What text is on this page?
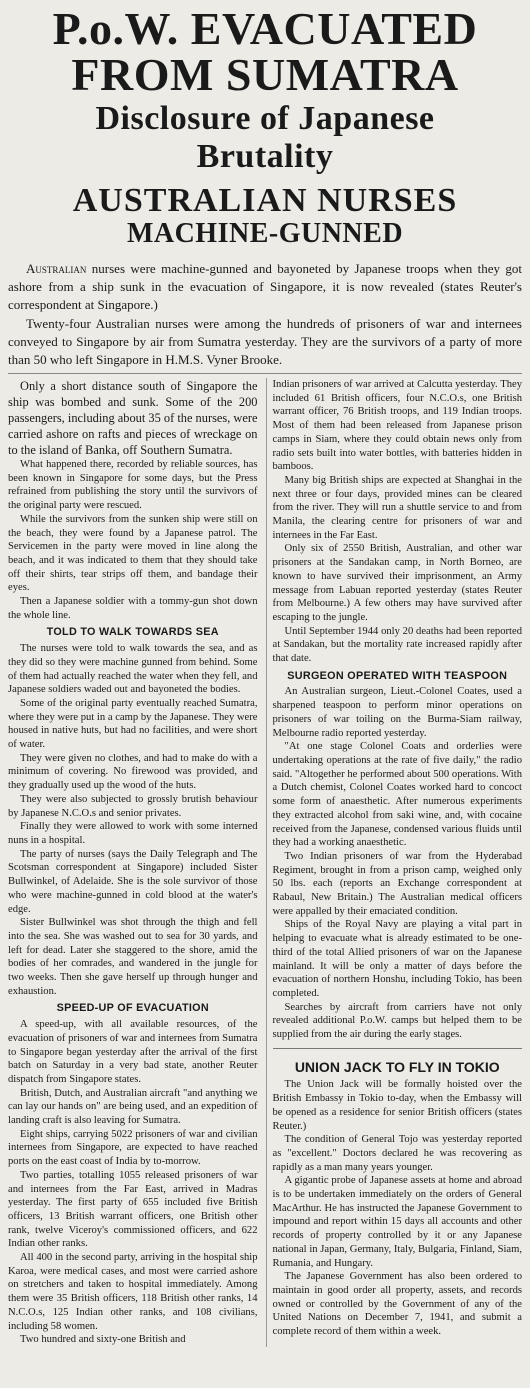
P.o.W. EVACUATED
FROM SUMATRA
Disclosure of Japanese
Brutality
AUSTRALIAN NURSES
MACHINE-GUNNED

Australian nurses were machine-gunned and bayoneted by Japanese troops when they got ashore from a ship sunk in the evacuation of Singapore, it is now revealed (states Reuter's correspondent at Singapore.)

Twenty-four Australian nurses were among the hundreds of prisoners of war and internees conveyed to Singapore by air from Sumatra yesterday. They are the survivors of a party of more than 50 who left Singapore in H.M.S. Vyner Brooke.

Only a short distance south of Singapore the ship was bombed and sunk. Some of the 200 passengers, including about 35 of the nurses, were carried ashore on rafts and pieces of wreckage on to the island of Banka, off Southern Sumatra.

What happened there, recorded by reliable sources, has been known in Singapore for some days, but the Press refrained from publishing the story until the survivors of the original party were rescued.

While the survivors from the sunken ship were still on the beach, they were found by a Japanese patrol. The Servicemen in the party were moved in line along the beach, and it was indicated to them that they should take off their shirts, tear strips off them, and bandage their eyes.

Then a Japanese soldier with a tommy-gun shot down the whole line.

TOLD TO WALK TOWARDS SEA

The nurses were told to walk towards the sea, and as they did so they were machine gunned from behind. Some of them had actually reached the water when they fell, and Japanese soldiers waded out and bayoneted the bodies.

Some of the original party eventually reached Sumatra, where they were put in a camp by the Japanese. They were housed in native huts, but had no facilities, and were short of water.

They were given no clothes, and had to make do with a minimum of covering. No firewood was provided, and they gradually used up the wood of the huts.

They were also subjected to grossly brutish behaviour by Japanese N.C.O.s and senior privates.

Finally they were allowed to work with some interned nuns in a hospital.

The party of nurses (says the Daily Telegraph and The Scotsman correspondent at Singapore) included Sister Bullwinkel, of Adelaide. She is the sole survivor of those who were machine-gunned in cold blood at the water's edge.

Sister Bullwinkel was shot through the thigh and fell into the sea. She was washed out to sea for 30 yards, and left for dead. Later she staggered to the shore, amid the bodies of her comrades, and wandered in the jungle for two weeks. Then she gave herself up through hunger and exhaustion.

SPEED-UP OF EVACUATION

A speed-up, with all available resources, of the evacuation of prisoners of war and internees from Sumatra to Singapore began yesterday after the arrival of the first batch on Saturday in a very bad state, another Reuter dispatch from Singapore states.

British, Dutch, and Australian aircraft "and anything we can lay our hands on" are being used, and an expedition of landing craft is also leaving for Sumatra.

Eight ships, carrying 5022 prisoners of war and civilian internees from Singapore, are expected to have reached ports on the east coast of India by to-morrow.

Two parties, totalling 1055 released prisoners of war and internees from the Far East, arrived in Madras yesterday. The first party of 655 included five British officers, 13 British warrant officers, one British other rank, twelve Viceroy's commissioned officers, and 622 Indian other ranks.

All 400 in the second party, arriving in the hospital ship Karoa, were medical cases, and most were carried ashore on stretchers and taken to hospital immediately. Among them were 35 British officers, 118 British other ranks, 14 N.C.O.s, 125 Indian other ranks, and 108 civilians, including 58 women.

Two hundred and sixty-one British and

Indian prisoners of war arrived at Calcutta yesterday. They included 61 British officers, four N.C.O.s, one British warrant officer, 76 British troops, and 119 Indian troops. Most of them had been released from Japanese prison camps in Siam, where they could obtain news only from radio sets built into water bottles, with batteries hidden in bamboos.

Many big British ships are expected at Shanghai in the next three or four days, provided mines can be cleared from the river. They will run a shuttle service to and from Manila, the clearing centre for prisoners of war and internees in the Far East.

Only six of 2550 British, Australian, and other war prisoners at the Sandakan camp, in North Borneo, are known to have survived their imprisonment, an Army message from Labuan reported yesterday (states Reuter from Melbourne.) A few others may have survived after escaping to the jungle.

Until September 1944 only 20 deaths had been reported at Sandakan, but the mortality rate increased rapidly after that date.

SURGEON OPERATED WITH TEASPOON

An Australian surgeon, Lieut.-Colonel Coates, used a sharpened teaspoon to perform minor operations on prisoners of war toiling on the Burma-Siam railway, Melbourne radio reported yesterday.

"At one stage Colonel Coats and orderlies were undertaking operations at the rate of five daily," the radio said. "Altogether he performed about 500 operations. With a Dutch chemist, Colonel Coates worked hard to concoct some form of anaesthetic. After numerous experiments they extracted alcohol from saki wine, and, with cocaine received from the Japanese, condensed various fluids until they had a working anaesthetic.

Two Indian prisoners of war from the Hyderabad Regiment, brought in from a prison camp, weighed only 50 lbs. each (reports an Exchange correspondent at Rabaul, New Britain.) The Australian medical officers were appalled by their emaciated condition.

Ships of the Royal Navy are playing a vital part in helping to evacuate what is already estimated to be one-third of the total Allied prisoners of war on the Japanese mainland. It will be only a matter of days before the evacuation of northern Honshu, including Tokio, has been completed.

Searches by aircraft from carriers have not only revealed additional P.o.W. camps but helped them to be supplied from the air during the early stages.

UNION JACK TO FLY IN TOKIO

The Union Jack will be formally hoisted over the British Embassy in Tokio to-day, when the Embassy will be opened as a residence for senior British officers (states Reuter.)

The condition of General Tojo was yesterday reported as "excellent." Doctors declared he was recovering as rapidly as a man many years younger.

A gigantic probe of Japanese assets at home and abroad is to be undertaken immediately on the orders of General MacArthur. He has instructed the Japanese Government to impound and report within 15 days all accounts and other records of property controlled by it or any Japanese national in Japan, Germany, Italy, Bulgaria, Finland, Siam, Rumania, and Hungary.

The Japanese Government has also been ordered to maintain in good order all property, assets, and records owned or controlled by the Government of any of the United Nations on December 7, 1941, and submit a complete record of them within a week.
